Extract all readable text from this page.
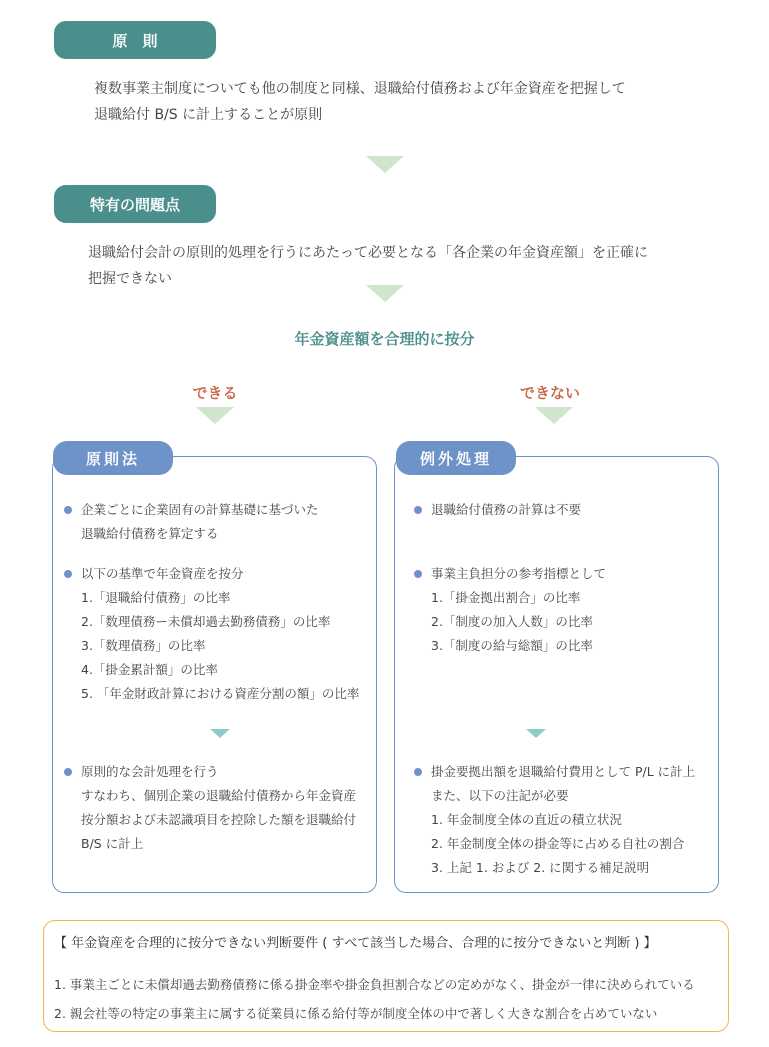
原　則
複数事業主制度についても他の制度と同様、退職給付債務および年金資産を把握して
退職給付 B/S に計上することが原則
特有の問題点
退職給付会計の原則的処理を行うにあたって必要となる「各企業の年金資産額」を正確に
把握できない
年金資産額を合理的に按分
できる	できない
原則法
企業ごとに企業固有の計算基礎に基づいた
退職給付債務を算定する
以下の基準で年金資産を按分
1.「退職給付債務」の比率
2.「数理債務ー未償却過去勤務債務」の比率
3.「数理債務」の比率
4.「掛金累計額」の比率
5. 「年金財政計算における資産分割の額」の比率
原則的な会計処理を行う
すなわち、個別企業の退職給付債務から年金資産
按分額および未認識項目を控除した額を退職給付
B/S に計上
例外処理
退職給付債務の計算は不要
事業主負担分の参考指標として
1.「掛金拠出割合」の比率
2.「制度の加入人数」の比率
3.「制度の給与総額」の比率
掛金要拠出額を退職給付費用として P/L に計上
また、以下の注記が必要
1. 年金制度全体の直近の積立状況
2. 年金制度全体の掛金等に占める自社の割合
3. 上記 1. および 2. に関する補足説明
【 年金資産を合理的に按分できない判断要件 ( すべて該当した場合、合理的に按分できないと判断 ) 】
1. 事業主ごとに未償却過去勤務債務に係る掛金率や掛金負担割合などの定めがなく、掛金が一律に決められている
2. 親会社等の特定の事業主に属する従業員に係る給付等が制度全体の中で著しく大きな割合を占めていない
